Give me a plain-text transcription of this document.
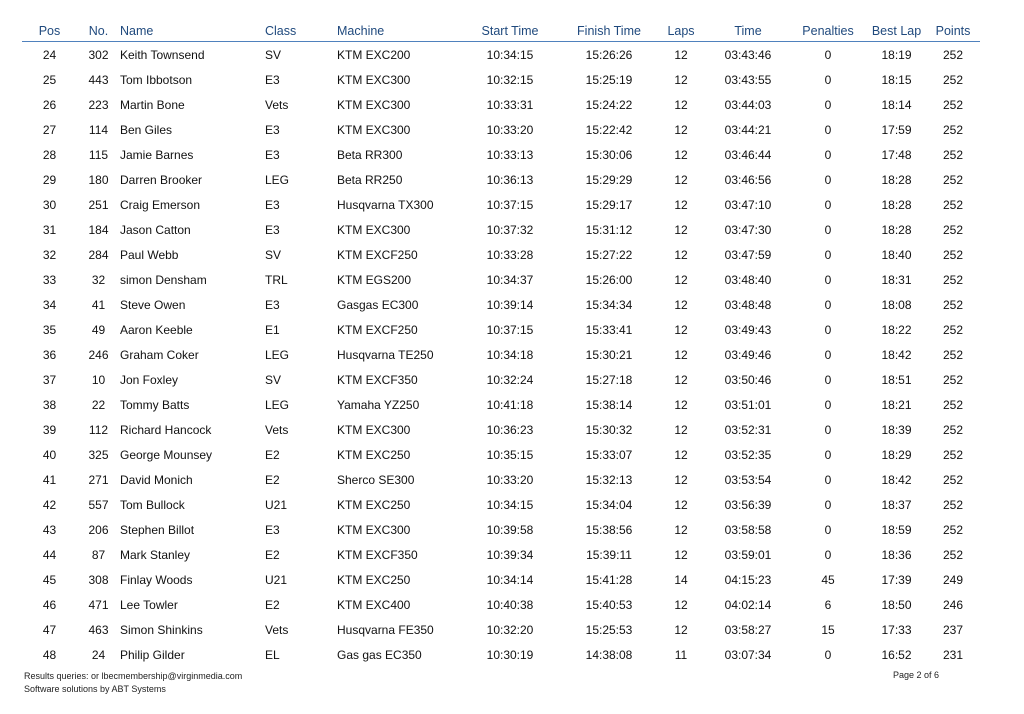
Pos	No.	Name	Class	Machine	Start Time	Finish Time	Laps	Time	Penalties	Best Lap	Points
24	302	Keith Townsend	SV	KTM EXC200	10:34:15	15:26:26	12	03:43:46	0	18:19	252
25	443	Tom Ibbotson	E3	KTM EXC300	10:32:15	15:25:19	12	03:43:55	0	18:15	252
26	223	Martin Bone	Vets	KTM EXC300	10:33:31	15:24:22	12	03:44:03	0	18:14	252
27	114	Ben Giles	E3	KTM EXC300	10:33:20	15:22:42	12	03:44:21	0	17:59	252
28	115	Jamie Barnes	E3	Beta RR300	10:33:13	15:30:06	12	03:46:44	0	17:48	252
29	180	Darren Brooker	LEG	Beta RR250	10:36:13	15:29:29	12	03:46:56	0	18:28	252
30	251	Craig Emerson	E3	Husqvarna TX300	10:37:15	15:29:17	12	03:47:10	0	18:28	252
31	184	Jason Catton	E3	KTM EXC300	10:37:32	15:31:12	12	03:47:30	0	18:28	252
32	284	Paul Webb	SV	KTM EXCF250	10:33:28	15:27:22	12	03:47:59	0	18:40	252
33	32	simon Densham	TRL	KTM EGS200	10:34:37	15:26:00	12	03:48:40	0	18:31	252
34	41	Steve Owen	E3	Gasgas EC300	10:39:14	15:34:34	12	03:48:48	0	18:08	252
35	49	Aaron Keeble	E1	KTM EXCF250	10:37:15	15:33:41	12	03:49:43	0	18:22	252
36	246	Graham Coker	LEG	Husqvarna TE250	10:34:18	15:30:21	12	03:49:46	0	18:42	252
37	10	Jon Foxley	SV	KTM EXCF350	10:32:24	15:27:18	12	03:50:46	0	18:51	252
38	22	Tommy Batts	LEG	Yamaha YZ250	10:41:18	15:38:14	12	03:51:01	0	18:21	252
39	112	Richard Hancock	Vets	KTM EXC300	10:36:23	15:30:32	12	03:52:31	0	18:39	252
40	325	George Mounsey	E2	KTM EXC250	10:35:15	15:33:07	12	03:52:35	0	18:29	252
41	271	David Monich	E2	Sherco SE300	10:33:20	15:32:13	12	03:53:54	0	18:42	252
42	557	Tom Bullock	U21	KTM EXC250	10:34:15	15:34:04	12	03:56:39	0	18:37	252
43	206	Stephen Billot	E3	KTM EXC300	10:39:58	15:38:56	12	03:58:58	0	18:59	252
44	87	Mark Stanley	E2	KTM EXCF350	10:39:34	15:39:11	12	03:59:01	0	18:36	252
45	308	Finlay Woods	U21	KTM EXC250	10:34:14	15:41:28	14	04:15:23	45	17:39	249
46	471	Lee Towler	E2	KTM EXC400	10:40:38	15:40:53	12	04:02:14	6	18:50	246
47	463	Simon Shinkins	Vets	Husqvarna FE350	10:32:20	15:25:53	12	03:58:27	15	17:33	237
48	24	Philip Gilder	EL	Gas gas EC350	10:30:19	14:38:08	11	03:07:34	0	16:52	231
Results queries: or lbecmembership@virginmedia.com
Software solutions by ABT Systems
Page 2 of 6
